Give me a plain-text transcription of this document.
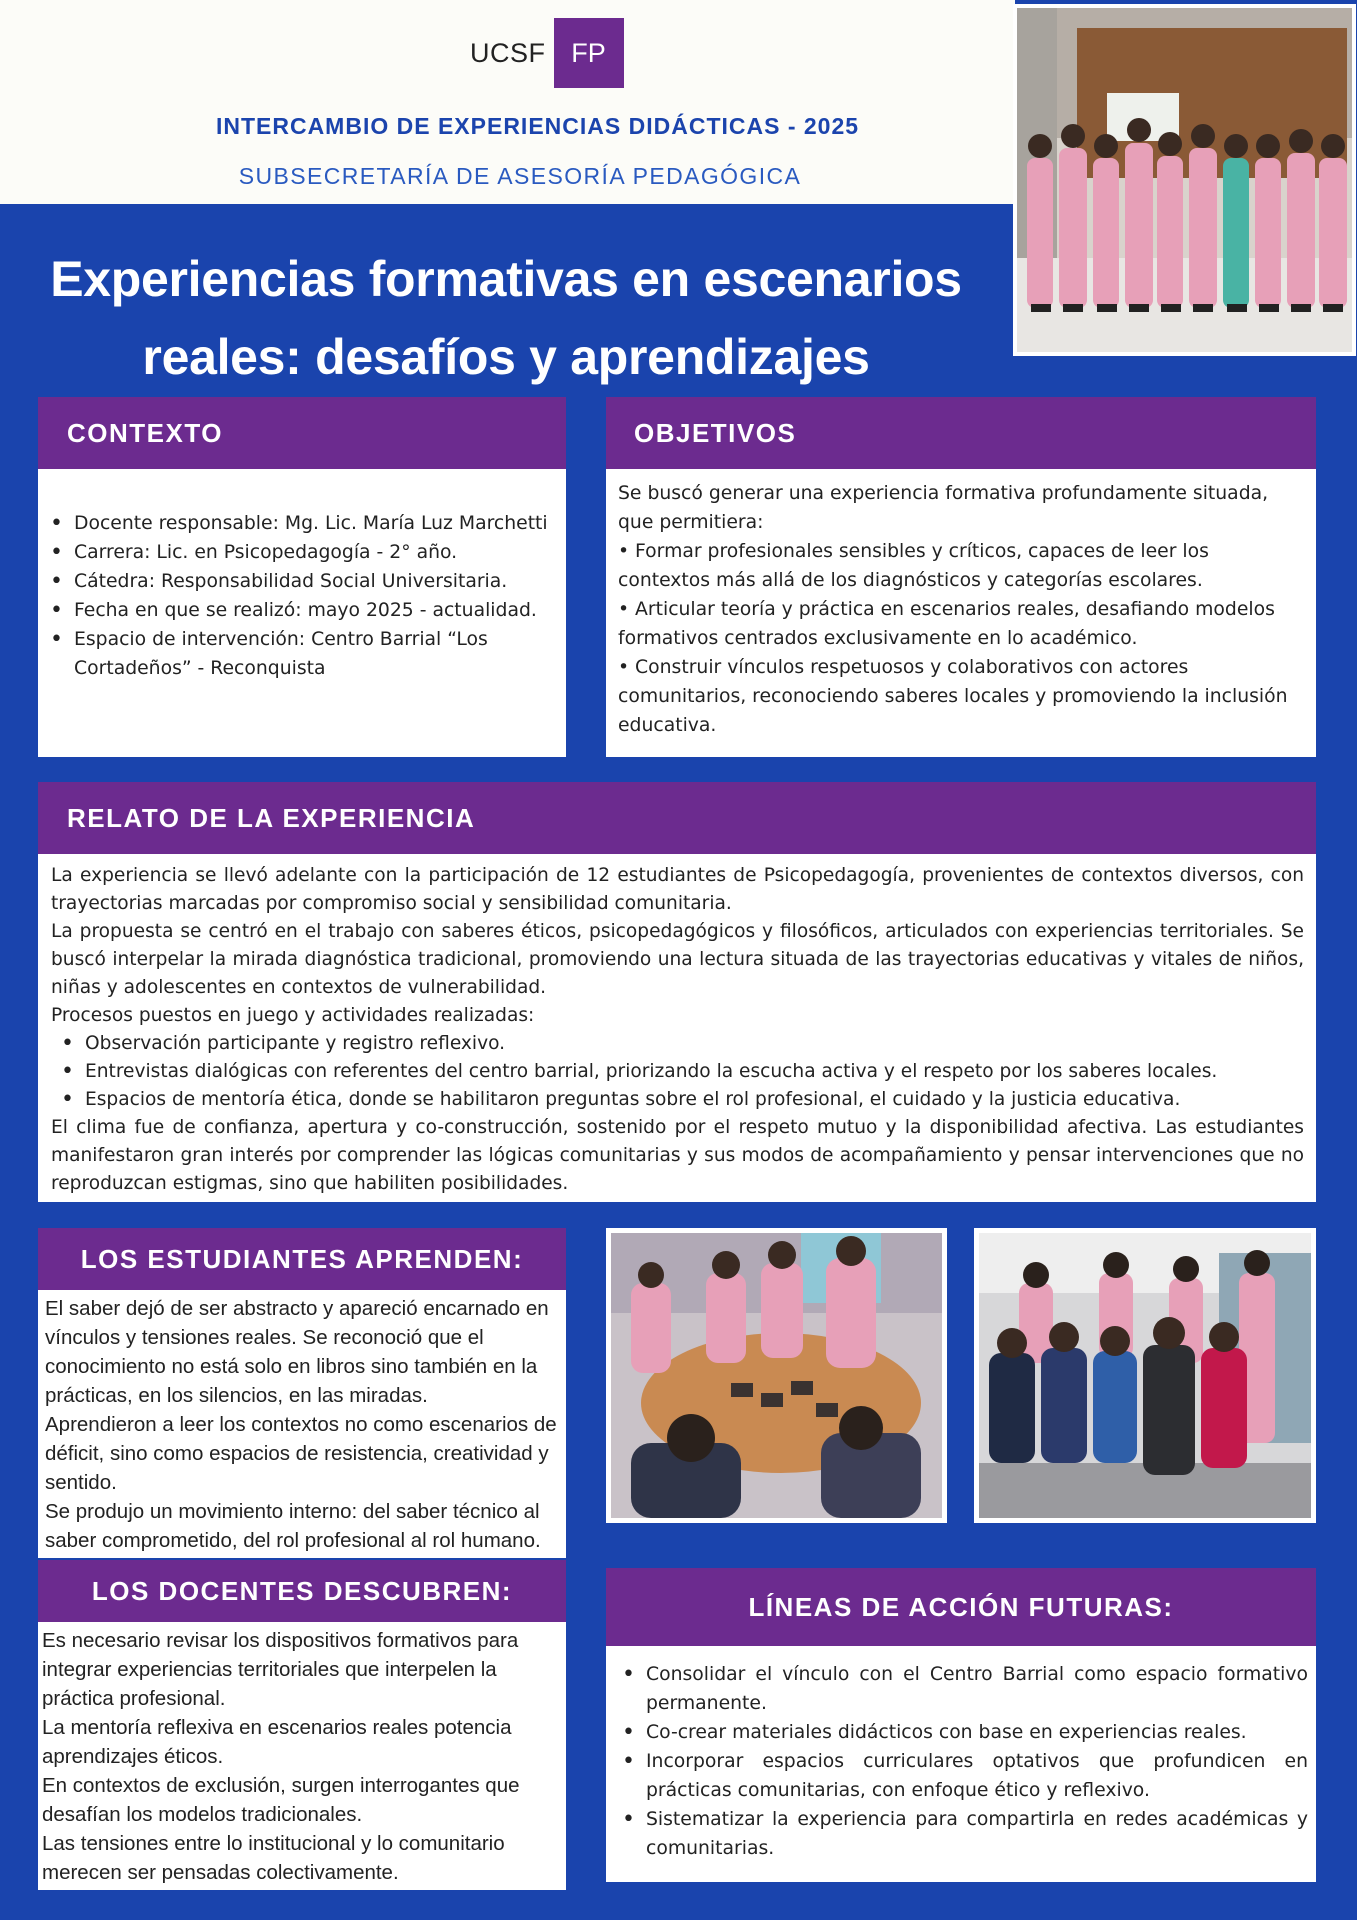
UCSF FP
INTERCAMBIO DE EXPERIENCIAS DIDÁCTICAS - 2025
SUBSECRETARÍA DE ASESORÍA PEDAGÓGICA
Experiencias formativas en escenarios
reales: desafíos y aprendizajes
CONTEXTO
• Docente responsable: Mg. Lic. María Luz Marchetti
• Carrera: Lic. en Psicopedagogía - 2° año.
• Cátedra: Responsabilidad Social Universitaria.
• Fecha en que se realizó: mayo 2025 - actualidad.
• Espacio de intervención: Centro Barrial “Los Cortadeños” - Reconquista
OBJETIVOS
Se buscó generar una experiencia formativa profundamente situada, que permitiera:
• Formar profesionales sensibles y críticos, capaces de leer los contextos más allá de los diagnósticos y categorías escolares.
• Articular teoría y práctica en escenarios reales, desafiando modelos formativos centrados exclusivamente en lo académico.
• Construir vínculos respetuosos y colaborativos con actores comunitarios, reconociendo saberes locales y promoviendo la inclusión educativa.
RELATO DE LA EXPERIENCIA
La experiencia se llevó adelante con la participación de 12 estudiantes de Psicopedagogía, provenientes de contextos diversos, con trayectorias marcadas por compromiso social y sensibilidad comunitaria.
La propuesta se centró en el trabajo con saberes éticos, psicopedagógicos y filosóficos, articulados con experiencias territoriales. Se buscó interpelar la mirada diagnóstica tradicional, promoviendo una lectura situada de las trayectorias educativas y vitales de niños, niñas y adolescentes en contextos de vulnerabilidad.
Procesos puestos en juego y actividades realizadas:
• Observación participante y registro reflexivo.
• Entrevistas dialógicas con referentes del centro barrial, priorizando la escucha activa y el respeto por los saberes locales.
• Espacios de mentoría ética, donde se habilitaron preguntas sobre el rol profesional, el cuidado y la justicia educativa.
El clima fue de confianza, apertura y co-construcción, sostenido por el respeto mutuo y la disponibilidad afectiva. Las estudiantes manifestaron gran interés por comprender las lógicas comunitarias y sus modos de acompañamiento y pensar intervenciones que no reproduzcan estigmas, sino que habiliten posibilidades.
LOS ESTUDIANTES APRENDEN:
El saber dejó de ser abstracto y apareció encarnado en vínculos y tensiones reales. Se reconoció que el conocimiento no está solo en libros sino también en la prácticas, en los silencios, en las miradas.
Aprendieron a leer los contextos no como escenarios de déficit, sino como espacios de resistencia, creatividad y sentido.
Se produjo un movimiento interno: del saber técnico al saber comprometido, del rol profesional al rol humano.
LOS DOCENTES DESCUBREN:
Es necesario revisar los dispositivos formativos para integrar experiencias territoriales que interpelen la práctica profesional.
La mentoría reflexiva en escenarios reales potencia aprendizajes éticos.
En contextos de exclusión, surgen interrogantes que desafían los modelos tradicionales.
Las tensiones entre lo institucional y lo comunitario merecen ser pensadas colectivamente.
LÍNEAS DE ACCIÓN FUTURAS:
• Consolidar el vínculo con el Centro Barrial como espacio formativo permanente.
• Co-crear materiales didácticos con base en experiencias reales.
• Incorporar espacios curriculares optativos que profundicen en prácticas comunitarias, con enfoque ético y reflexivo.
• Sistematizar la experiencia para compartirla en redes académicas y comunitarias.
